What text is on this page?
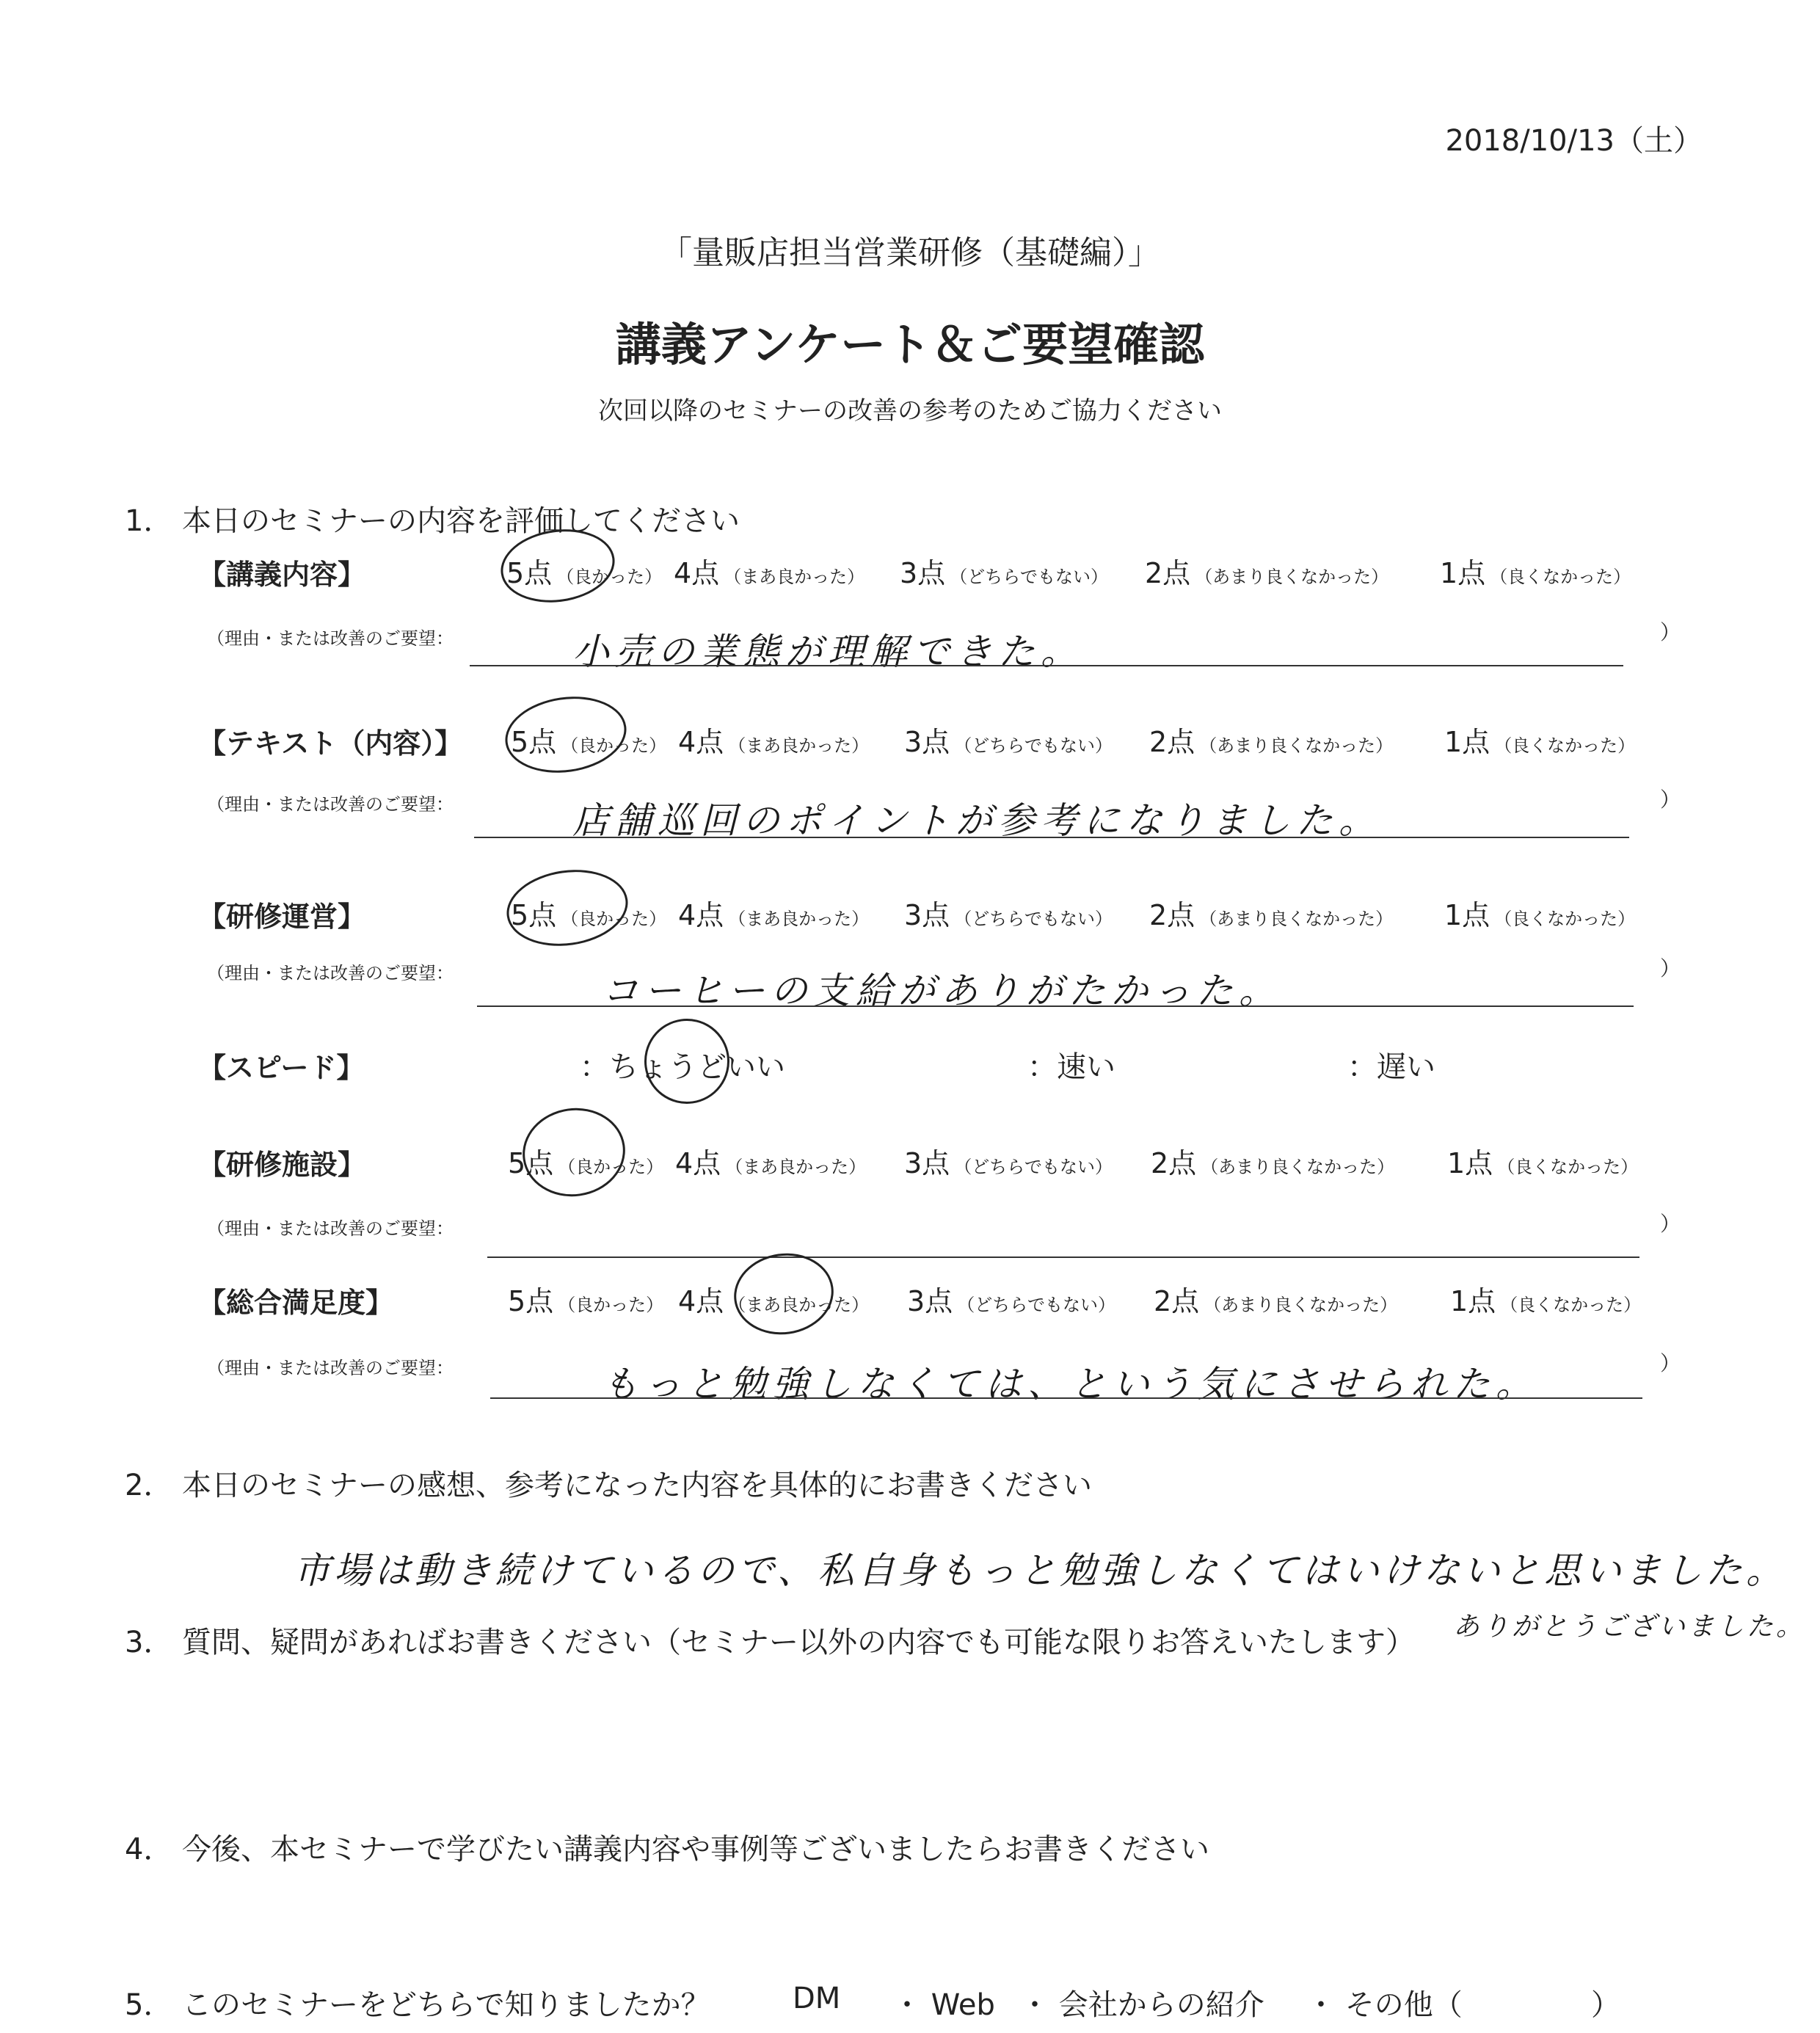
2018/10/13（土）
「量販店担当営業研修（基礎編）」
講義アンケート＆ご要望確認
次回以降のセミナーの改善の参考のためご協力ください
1． 本日のセミナーの内容を評価してください
【講義内容】	5点 （良かった） 4点 （まあ良かった） 3点 （どちらでもない） 2点 （あまり良くなかった） 1点 （良くなかった）
（理由・または改善のご要望：	小売の業態が理解できた。	）
【テキスト（内容）】 5点 （良かった） 4点 （まあ良かった） 3点 （どちらでもない） 2点 （あまり良くなかった） 1点 （良くなかった）
（理由・または改善のご要望：	店舗巡回のポイントが参考になりました。	）
【研修運営】	5点 （良かった） 4点 （まあ良かった） 3点 （どちらでもない） 2点 （あまり良くなかった） 1点 （良くなかった）
（理由・または改善のご要望：	コーヒーの支給がありがたかった。
）
【スピード】	：ちょうどいい	：速い	：遅い
【研修施設】	5点 （良かった） 4点 （まあ良かった） 3点 （どちらでもない） 2点 （あまり良くなかった） 1点 （良くなかった）
（理由・または改善のご要望：	）
【総合満足度】	5点 （良かった） 4点 （まあ良かった） 3点 （どちらでもない） 2点 （あまり良くなかった） 1点 （良くなかった）
（理由・または改善のご要望：	もっと勉強しなくては、という気にさせられた。	）
2． 本日のセミナーの感想、参考になった内容を具体的にお書きください
市場は動き続けているので、私自身もっと勉強しなくてはいけないと思いました。
ありがとうございました。
3． 質問、疑問があればお書きください（セミナー以外の内容でも可能な限りお答えいたします）
4． 今後、本セミナーで学びたい講義内容や事例等ございましたらお書きください
5． このセミナーをどちらで知りましたか？	DM ・ Web ・ 会社からの紹介 ・ その他（	）
